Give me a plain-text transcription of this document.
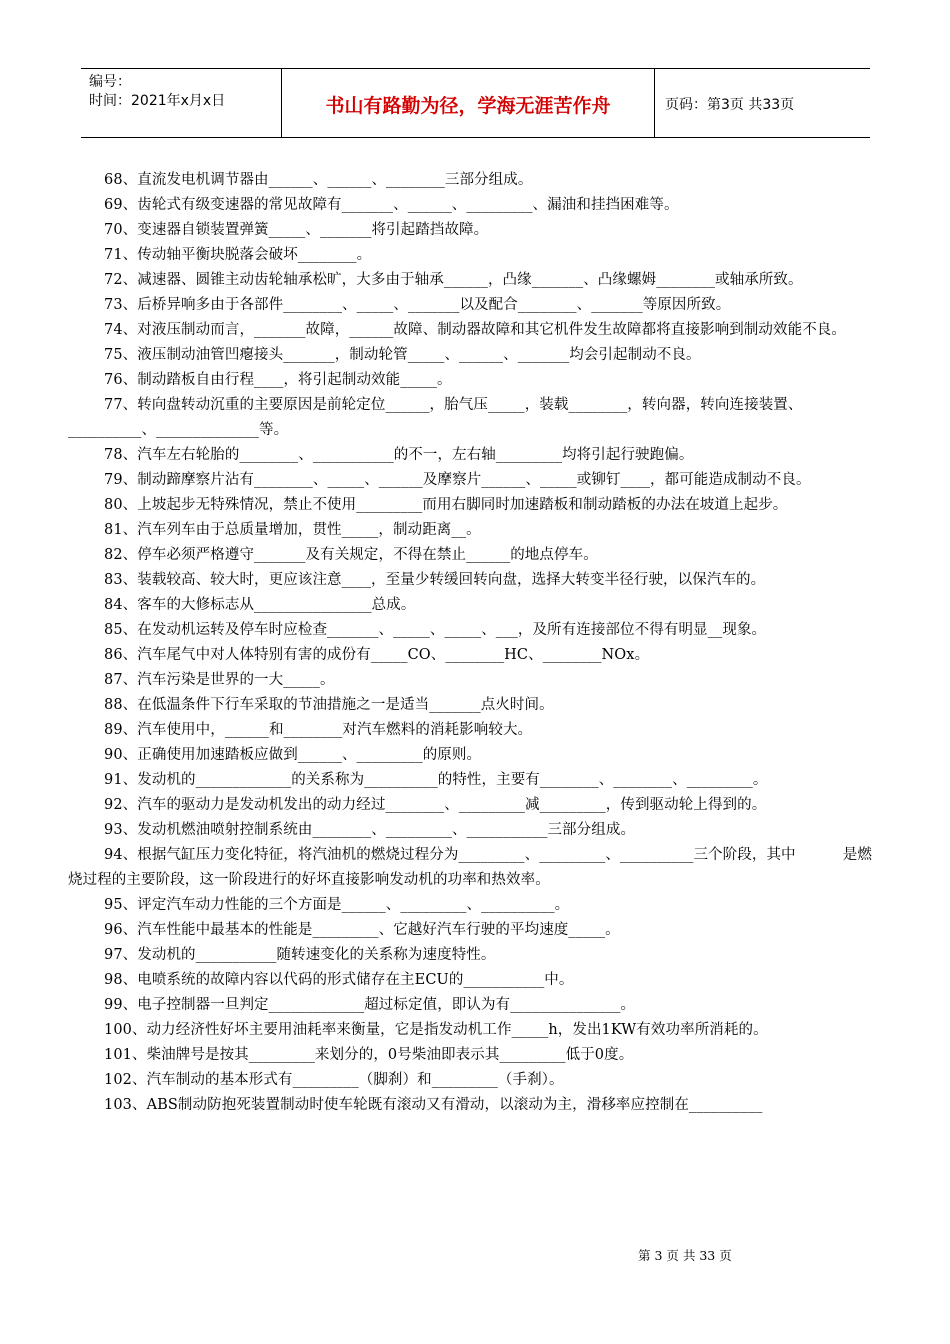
编号：
时间：2021年x月x日	书山有路勤为径，学海无涯苦作舟	页码：第3页 共33页

68、直流发电机调节器由______、______、________三部分组成。

69、齿轮式有级变速器的常见故障有_______、______、_________、漏油和挂挡困难等。

70、变速器自锁装置弹簧_____、_______将引起踏挡故障。

71、传动轴平衡块脱落会破坏________。

72、减速器、圆锥主动齿轮轴承松旷，大多由于轴承______，凸缘_______、凸缘螺姆________或轴承所致。

73、后桥异响多由于各部件________、_____、_______以及配合________、_______等原因所致。

74、对液压制动而言，_______故障，______故障、制动器故障和其它机件发生故障都将直接影响到制动效能不良。

75、液压制动油管凹瘪接头_______，制动轮管_____、______、_______均会引起制动不良。

76、制动踏板自由行程____，将引起制动效能_____。

77、转向盘转动沉重的主要原因是前轮定位______，胎气压_____，装载________，转向器，转向连接装置、__________、______________等。

78、汽车左右轮胎的________、___________的不一，左右轴_________均将引起行驶跑偏。

79、制动蹄摩察片沾有________、_____、______及摩察片______、_____或铆钉____，都可能造成制动不良。

80、上坡起步无特殊情况，禁止不使用_________而用右脚同时加速踏板和制动踏板的办法在坡道上起步。

81、汽车列车由于总质量增加，贯性_____，制动距离__。

82、停车必须严格遵守_______及有关规定，不得在禁止______的地点停车。

83、装载较高、较大时，更应该注意____，至量少转缓回转向盘，选择大转变半径行驶，以保汽车的。

84、客车的大修标志从________________总成。

85、在发动机运转及停车时应检查_______、_____、_____、___，及所有连接部位不得有明显__现象。

86、汽车尾气中对人体特别有害的成份有_____CO、________HC、________NOx。

87、汽车污染是世界的一大_____。

88、在低温条件下行车采取的节油措施之一是适当_______点火时间。

89、汽车使用中，______和________对汽车燃料的消耗影响较大。

90、正确使用加速踏板应做到______、_________的原则。

91、发动机的_____________的关系称为__________的特性，主要有________、________、_________。

92、汽车的驱动力是发动机发出的动力经过________、_________减_________，传到驱动轮上得到的。

93、发动机燃油喷射控制系统由________、_________、___________三部分组成。

94、根据气缸压力变化特征，将汽油机的燃烧过程分为_________、_________、__________三个阶段，其中          是燃烧过程的主要阶段，这一阶段进行的好坏直接影响发动机的功率和热效率。

95、评定汽车动力性能的三个方面是______、_________、__________。

96、汽车性能中最基本的性能是_________、它越好汽车行驶的平均速度_____。

97、发动机的___________随转速变化的关系称为速度特性。

98、电喷系统的故障内容以代码的形式储存在主ECU的___________中。

99、电子控制器一旦判定_____________超过标定值，即认为有_______________。

100、动力经济性好坏主要用油耗率来衡量，它是指发动机工作_____h，发出1KW有效功率所消耗的。

101、柴油牌号是按其_________来划分的，0号柴油即表示其_________低于0度。

102、汽车制动的基本形式有_________（脚刹）和_________（手刹）。

103、ABS制动防抱死装置制动时使车轮既有滚动又有滑动，以滚动为主，滑移率应控制在__________

第 3 页 共 33 页
